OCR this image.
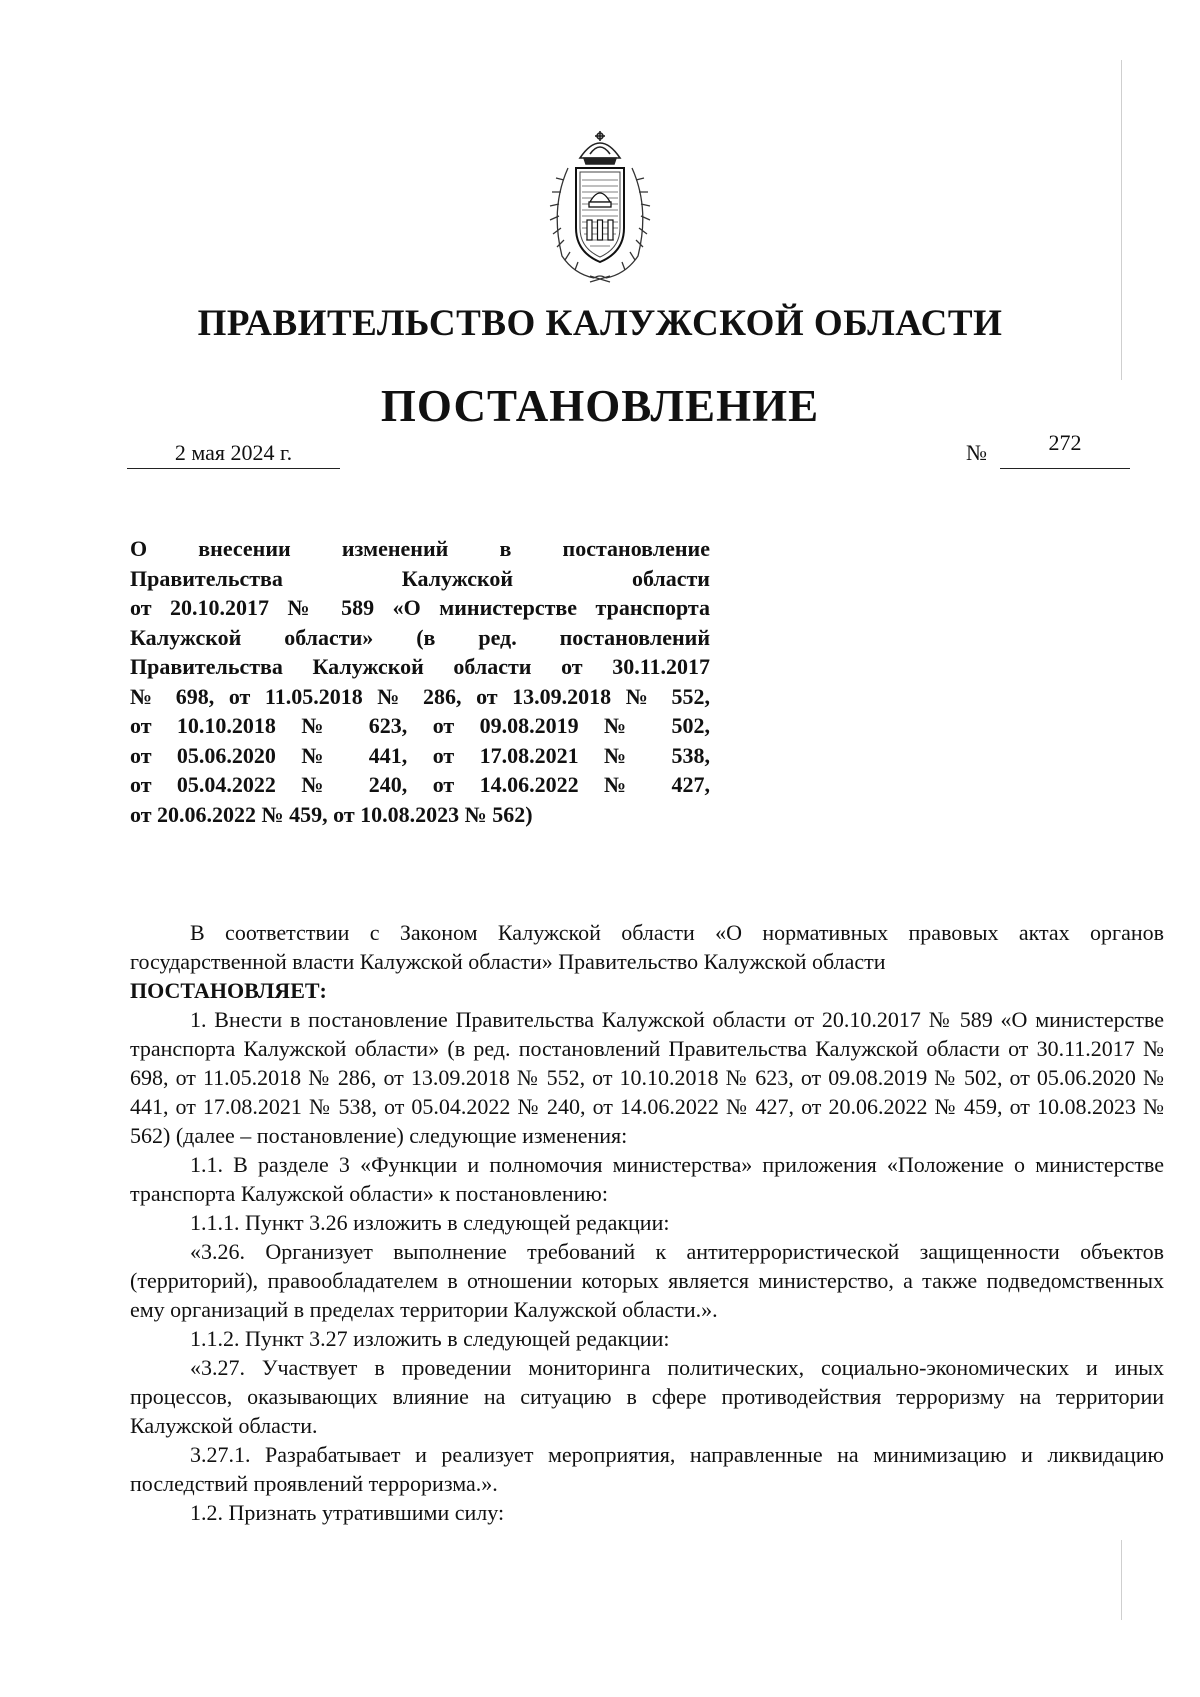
ПРАВИТЕЛЬСТВО КАЛУЖСКОЙ ОБЛАСТИ
ПОСТАНОВЛЕНИЕ
2 мая 2024 г.	№	272
О внесении изменений в постановление
Правительства Калужской области
от 20.10.2017 № 589 «О министерстве транспорта
Калужской области» (в ред. постановлений
Правительства Калужской области от 30.11.2017
№ 698, от 11.05.2018 № 286, от 13.09.2018 № 552,
от 10.10.2018 № 623, от 09.08.2019 № 502,
от 05.06.2020 № 441, от 17.08.2021 № 538,
от 05.04.2022 № 240, от 14.06.2022 № 427,
от 20.06.2022 № 459, от 10.08.2023 № 562)

В соответствии с Законом Калужской области «О нормативных правовых актах органов государственной власти Калужской области» Правительство Калужской области

ПОСТАНОВЛЯЕТ:

1. Внести в постановление Правительства Калужской области от 20.10.2017 № 589 «О министерстве транспорта Калужской области» (в ред. постановлений Правительства Калужской области от 30.11.2017 № 698, от 11.05.2018 № 286, от 13.09.2018 № 552, от 10.10.2018 № 623, от 09.08.2019 № 502, от 05.06.2020 № 441, от 17.08.2021 № 538, от 05.04.2022 № 240, от 14.06.2022 № 427, от 20.06.2022 № 459, от 10.08.2023 № 562) (далее – постановление) следующие изменения:

1.1. В разделе 3 «Функции и полномочия министерства» приложения «Положение о министерстве транспорта Калужской области» к постановлению:

1.1.1. Пункт 3.26 изложить в следующей редакции:

«3.26. Организует выполнение требований к антитеррористической защищенности объектов (территорий), правообладателем в отношении которых является министерство, а также подведомственных ему организаций в пределах территории Калужской области.».

1.1.2. Пункт 3.27 изложить в следующей редакции:

«3.27. Участвует в проведении мониторинга политических, социально-экономических и иных процессов, оказывающих влияние на ситуацию в сфере противодействия терроризму на территории Калужской области.

3.27.1. Разрабатывает и реализует мероприятия, направленные на минимизацию и ликвидацию последствий проявлений терроризма.».

1.2. Признать утратившими силу:
